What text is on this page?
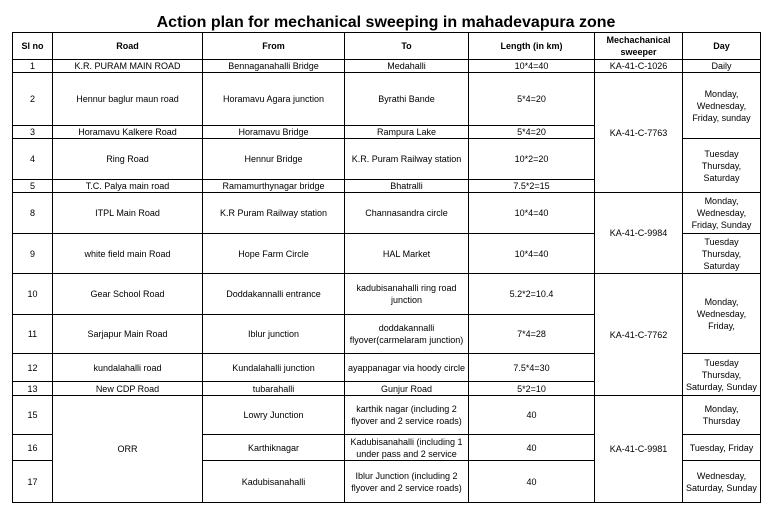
Action plan for mechanical sweeping in mahadevapura zone
Sl no	Road	From	To	Length (in km)	Mechachanical sweeper	Day
1	K.R. PURAM MAIN ROAD	Bennaganahalli Bridge	Medahalli	10*4=40	KA-41-C-1026	Daily
2	Hennur baglur maun road	Horamavu Agara junction	Byrathi Bande	5*4=20	KA-41-C-7763	Monday, Wednesday, Friday, sunday
3	Horamavu Kalkere Road	Horamavu Bridge	Rampura Lake	5*4=20		
4	Ring Road	Hennur Bridge	K.R. Puram Railway station	10*2=20		Tuesday Thursday, Saturday
5	T.C. Palya main road	Ramamurthynagar bridge	Bhatralli	7.5*2=15		
8	ITPL Main Road	K.R Puram Railway station	Channasandra circle	10*4=40	KA-41-C-9984	Monday, Wednesday, Friday, Sunday
9	white field main Road	Hope Farm Circle	HAL Market	10*4=40		Tuesday Thursday, Saturday
10	Gear School Road	Doddakannalli entrance	kadubisanahalli ring road junction	5.2*2=10.4	KA-41-C-7762	Monday, Wednesday, Friday,
11	Sarjapur Main Road	Iblur junction	doddakannalli flyover(carmelaram junction)	7*4=28		
12	kundalahalli road	Kundalahalli junction	ayappanagar via hoody circle	7.5*4=30		Tuesday Thursday, Saturday, Sunday
13	New CDP Road	tubarahalli	Gunjur Road	5*2=10		
15	ORR	Lowry Junction	karthik nagar (including 2 flyover and 2 service roads)	40	KA-41-C-9981	Monday, Thursday
16		Karthiknagar	Kadubisanahalli (including 1 under pass and 2 service	40		Tuesday, Friday
17		Kadubisanahalli	Iblur Junction (including 2 flyover and 2 service roads)	40		Wednesday, Saturday, Sunday
